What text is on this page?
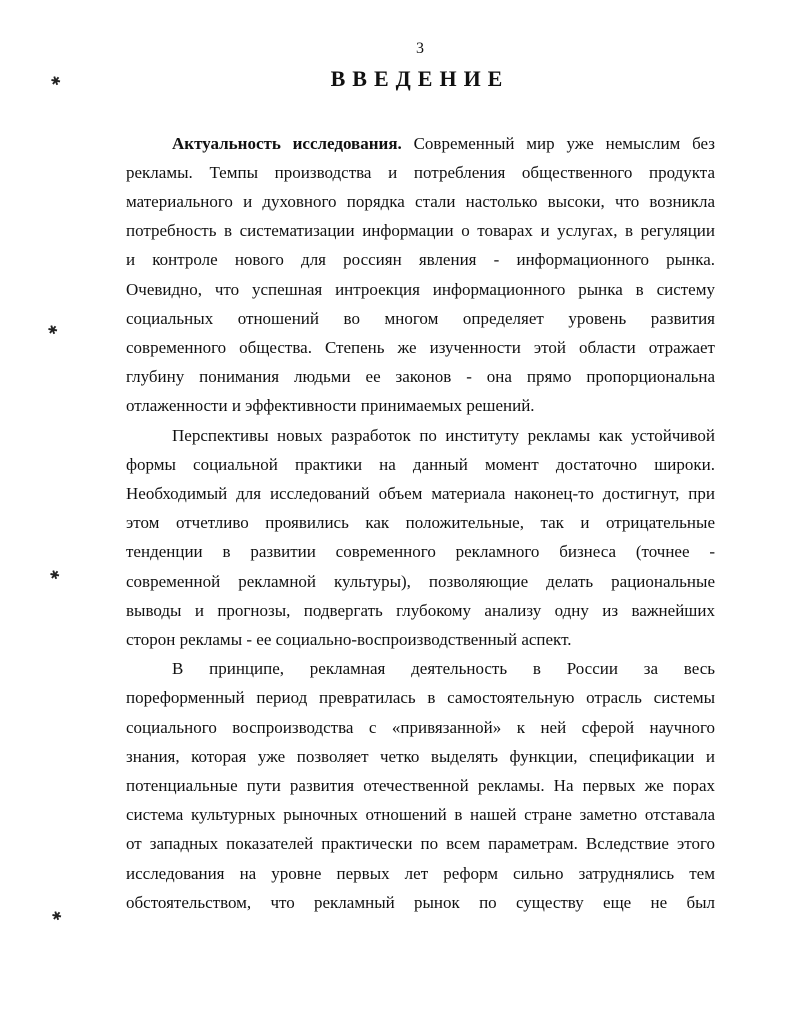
3
ВВЕДЕНИЕ
✱
✱
✱
✱
Актуальность исследования. Современный мир уже немыслим без
рекламы. Темпы производства и потребления общественного продукта
материального и духовного порядка стали настолько высоки, что возникла
потребность в систематизации информации о товарах и услугах, в регуляции
и контроле нового для россиян явления - информационного рынка.
Очевидно, что успешная интроекция информационного рынка в систему
социальных отношений во многом определяет уровень развития
современного общества. Степень же изученности этой области отражает
глубину понимания людьми ее законов - она прямо пропорциональна
отлаженности и эффективности принимаемых решений.
Перспективы новых разработок по институту рекламы как устойчивой
формы социальной практики на данный момент достаточно широки.
Необходимый для исследований объем материала наконец-то достигнут, при
этом отчетливо проявились как положительные, так и отрицательные
тенденции в развитии современного рекламного бизнеса (точнее -
современной рекламной культуры), позволяющие делать рациональные
выводы и прогнозы, подвергать глубокому анализу одну из важнейших
сторон рекламы - ее социально-воспроизводственный аспект.
В принципе, рекламная деятельность в России за весь
пореформенный период превратилась в самостоятельную отрасль системы
социального воспроизводства с «привязанной» к ней сферой научного
знания, которая уже позволяет четко выделять функции, спецификации и
потенциальные пути развития отечественной рекламы. На первых же порах
система культурных рыночных отношений в нашей стране заметно отставала
от западных показателей практически по всем параметрам. Вследствие этого
исследования на уровне первых лет реформ сильно затруднялись тем
обстоятельством, что рекламный рынок по существу еще не был
